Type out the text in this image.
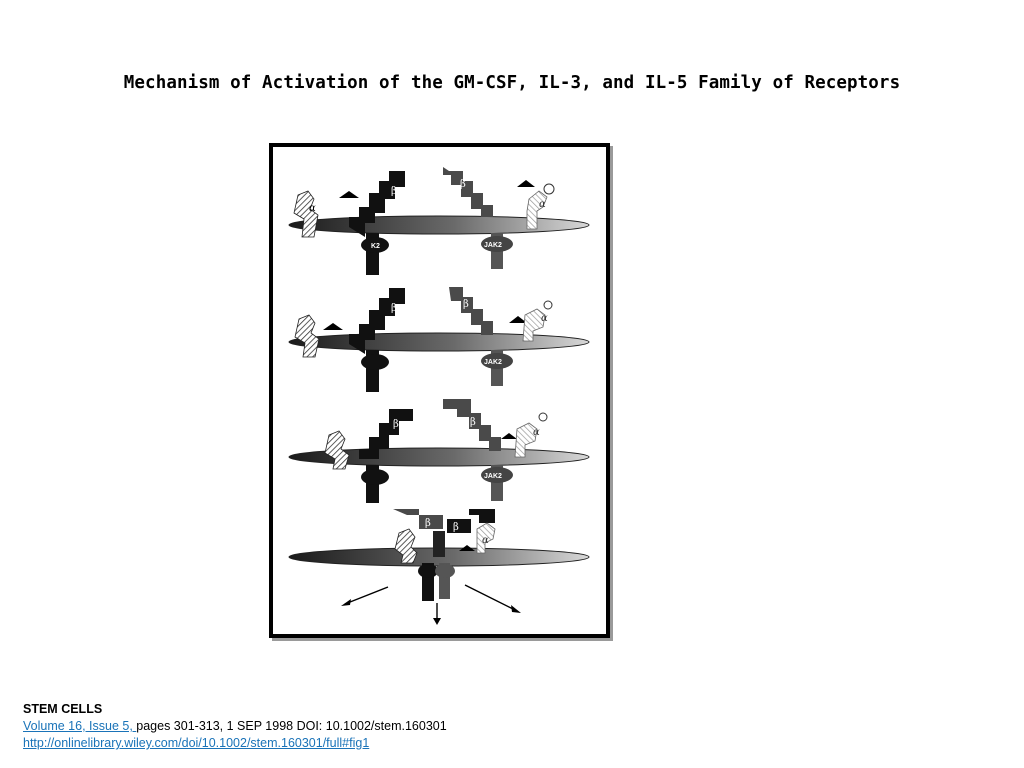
Mechanism of Activation of the GM-CSF, IL-3, and IL-5 Family of Receptors
α
β
K2
β
JAK2
α
β	β
JAK2
α
β	β
JAK2
α
β β
α
STEM CELLS
Volume 16, Issue 5, pages 301-313, 1 SEP 1998 DOI: 10.1002/stem.160301
http://onlinelibrary.wiley.com/doi/10.1002/stem.160301/full#fig1
